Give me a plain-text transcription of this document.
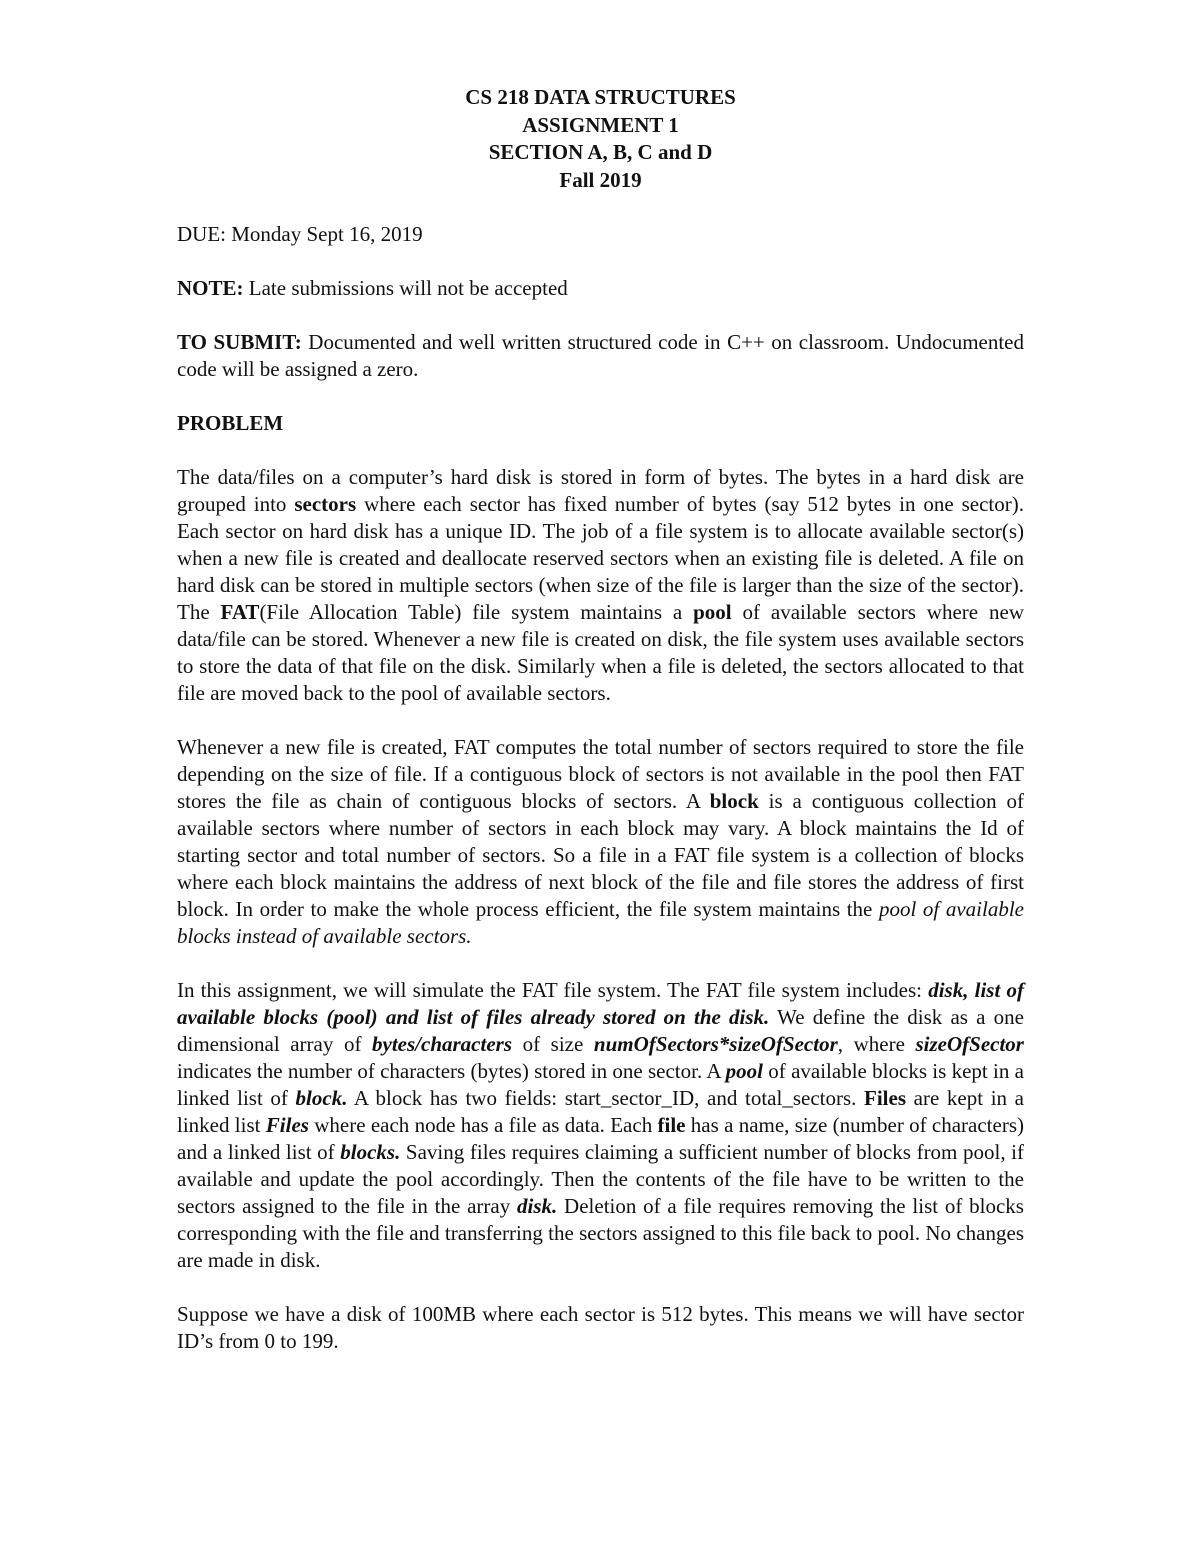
CS 218 DATA STRUCTURES

ASSIGNMENT 1

SECTION A, B, C and D

Fall 2019

DUE: Monday Sept 16, 2019

NOTE: Late submissions will not be accepted

TO SUBMIT: Documented and well written structured code in C++ on classroom. Undocumented code will be assigned a zero.

PROBLEM

The data/files on a computer’s hard disk is stored in form of bytes. The bytes in a hard disk are grouped into sectors where each sector has fixed number of bytes (say 512 bytes in one sector). Each sector on hard disk has a unique ID. The job of a file system is to allocate available sector(s) when a new file is created and deallocate reserved sectors when an existing file is deleted. A file on hard disk can be stored in multiple sectors (when size of the file is larger than the size of the sector). The FAT(File Allocation Table) file system maintains a pool of available sectors where new data/file can be stored. Whenever a new file is created on disk, the file system uses available sectors to store the data of that file on the disk. Similarly when a file is deleted, the sectors allocated to that file are moved back to the pool of available sectors.

Whenever a new file is created, FAT computes the total number of sectors required to store the file depending on the size of file. If a contiguous block of sectors is not available in the pool then FAT stores the file as chain of contiguous blocks of sectors. A block is a contiguous collection of available sectors where number of sectors in each block may vary. A block maintains the Id of starting sector and total number of sectors. So a file in a FAT file system is a collection of blocks where each block maintains the address of next block of the file and file stores the address of first block. In order to make the whole process efficient, the file system maintains the pool of available blocks instead of available sectors.

In this assignment, we will simulate the FAT file system. The FAT file system includes: disk, list of available blocks (pool) and list of files already stored on the disk. We define the disk as a one dimensional array of bytes/characters of size numOfSectors*sizeOfSector, where sizeOfSector indicates the number of characters (bytes) stored in one sector. A pool of available blocks is kept in a linked list of block. A block has two fields: start_sector_ID, and total_sectors. Files are kept in a linked list Files where each node has a file as data. Each file has a name, size (number of characters) and a linked list of blocks. Saving files requires claiming a sufficient number of blocks from pool, if available and update the pool accordingly. Then the contents of the file have to be written to the sectors assigned to the file in the array disk. Deletion of a file requires removing the list of blocks corresponding with the file and transferring the sectors assigned to this file back to pool. No changes are made in disk.

Suppose we have a disk of 100MB where each sector is 512 bytes. This means we will have sector ID’s from 0 to 199.
